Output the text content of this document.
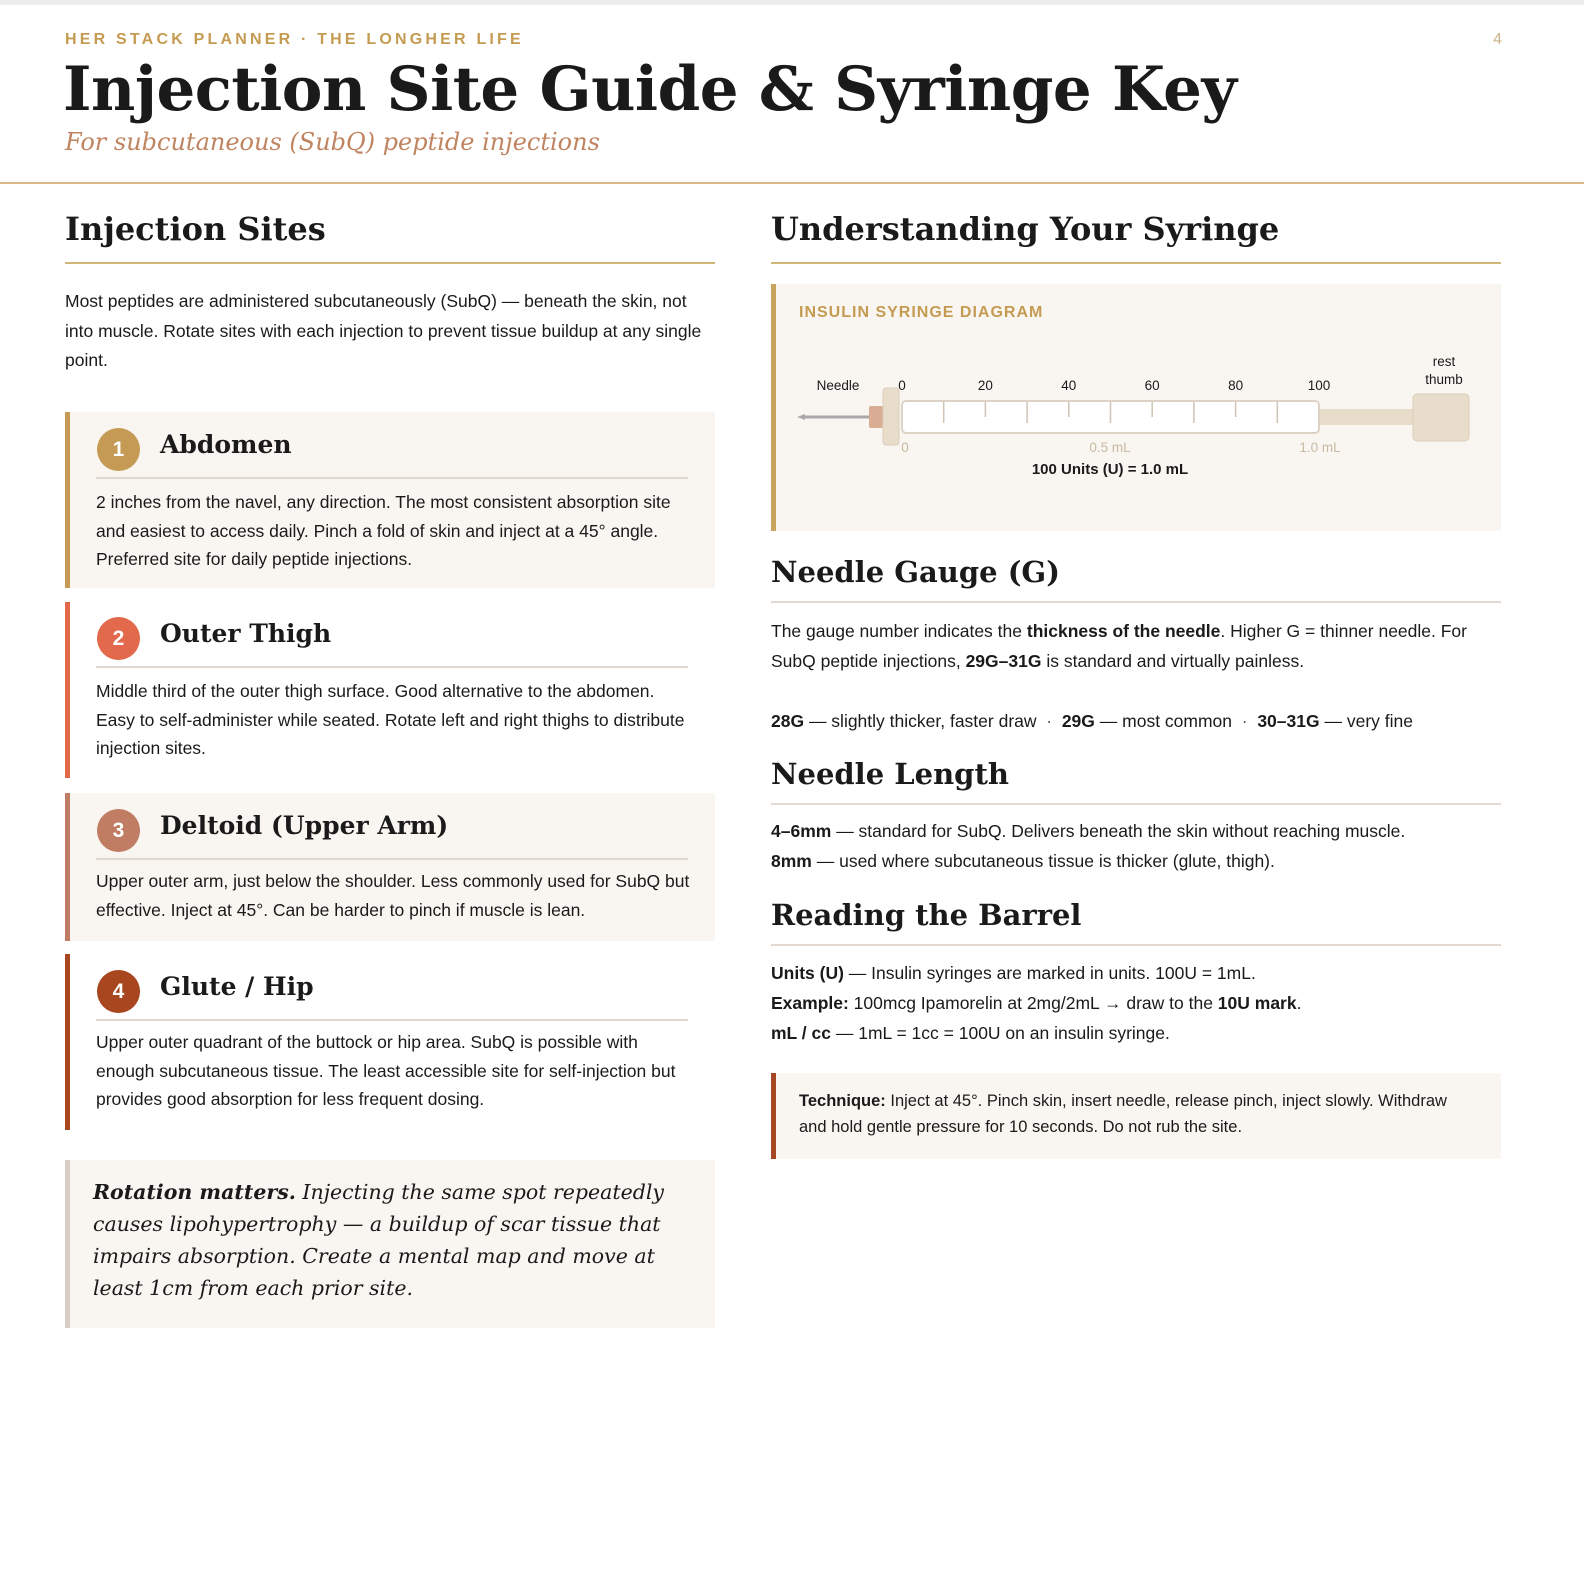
HER STACK PLANNER · THE LONGHER LIFE	4
Injection Site Guide & Syringe Key
For subcutaneous (SubQ) peptide injections
Injection Sites
Most peptides are administered subcutaneously (SubQ) — beneath the skin, not into muscle. Rotate sites with each injection to prevent tissue buildup at any single point.
1	Abdomen
2 inches from the navel, any direction. The most consistent absorption site and easiest to access daily. Pinch a fold of skin and inject at a 45° angle. Preferred site for daily peptide injections.
2	Outer Thigh
Middle third of the outer thigh surface. Good alternative to the abdomen. Easy to self-administer while seated. Rotate left and right thighs to distribute injection sites.
3	Deltoid (Upper Arm)
Upper outer arm, just below the shoulder. Less commonly used for SubQ but effective. Inject at 45°. Can be harder to pinch if muscle is lean.
4	Glute / Hip
Upper outer quadrant of the buttock or hip area. SubQ is possible with enough subcutaneous tissue. The least accessible site for self-injection but provides good absorption for less frequent dosing.
Rotation matters. Injecting the same spot repeatedly causes lipohypertrophy — a buildup of scar tissue that impairs absorption. Create a mental map and move at least 1cm from each prior site.
Understanding Your Syringe
INSULIN SYRINGE DIAGRAM
Needle	0	20	40	60	80	100
rest
thumb
0	0.5 mL	1.0 mL
100 Units (U) = 1.0 mL
Needle Gauge (G)
The gauge number indicates the thickness of the needle. Higher G = thinner needle. For SubQ peptide injections, 29G–31G is standard and virtually painless.
28G — slightly thicker, faster draw · 29G — most common · 30–31G — very fine
Needle Length
4–6mm — standard for SubQ. Delivers beneath the skin without reaching muscle.
8mm — used where subcutaneous tissue is thicker (glute, thigh).
Reading the Barrel
Units (U) — Insulin syringes are marked in units. 100U = 1mL.
Example: 100mcg Ipamorelin at 2mg/2mL → draw to the 10U mark.
mL / cc — 1mL = 1cc = 100U on an insulin syringe.
Technique: Inject at 45°. Pinch skin, insert needle, release pinch, inject slowly. Withdraw and hold gentle pressure for 10 seconds. Do not rub the site.
